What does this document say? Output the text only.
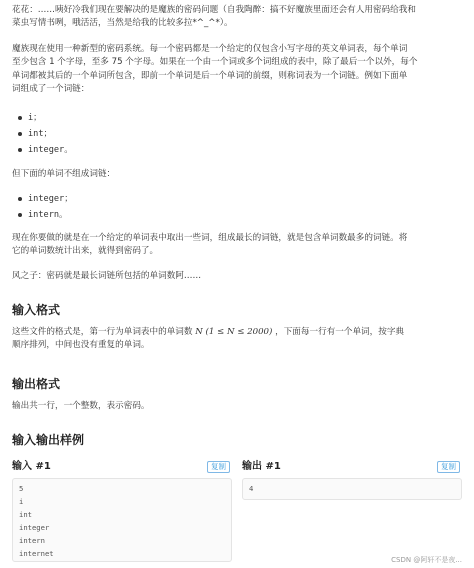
花花：……咦好冷我们现在要解决的是魔族的密码问题（自我陶醉：搞不好魔族里面还会有人用密码给我和
菜虫写情书咧，哦活活，当然是给我的比较多拉*^_^*）。
魔族现在使用一种新型的密码系统。每一个密码都是一个给定的仅包含小写字母的英文单词表，每个单词
至少包含 1 个字母，至多 75 个字母。如果在一个由一个词或多个词组成的表中，除了最后一个以外，每个
单词都被其后的一个单词所包含，即前一个单词是后一个单词的前缀，则称词表为一个词链。例如下面单
词组成了一个词链：
i；
int；
integer。
但下面的单词不组成词链：
integer；
intern。
现在你要做的就是在一个给定的单词表中取出一些词，组成最长的词链，就是包含单词数最多的词链。将
它的单词数统计出来，就得到密码了。
风之子：密码就是最长词链所包括的单词数阿……
输入格式
这些文件的格式是，第一行为单词表中的单词数 N (1 ≤ N ≤ 2000) ，下面每一行有一个单词，按字典
顺序排列，中间也没有重复的单词。
输出格式
输出共一行，一个整数，表示密码。
输入输出样例
输入 #1	复制
5
i
int
integer
intern
internet
输出 #1	复制
4
CSDN @阿轩不是夜...
